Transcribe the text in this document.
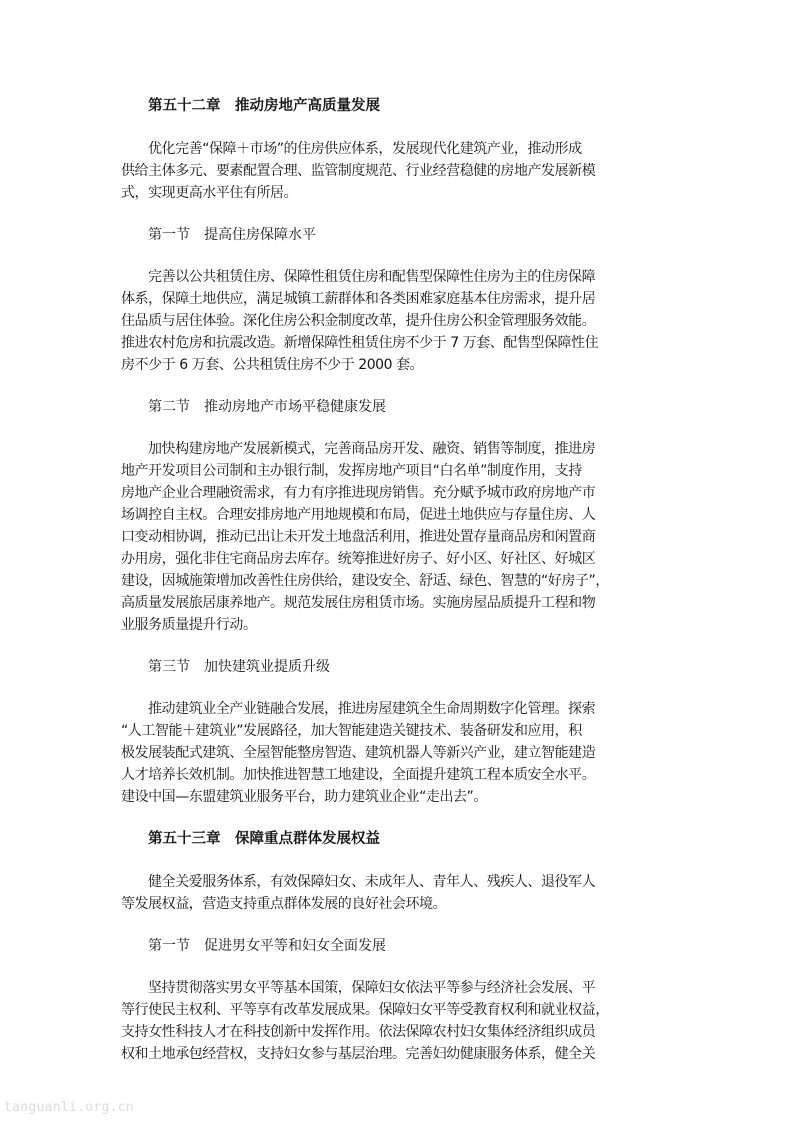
第五十二章　推动房地产高质量发展
优化完善“保障＋市场”的住房供应体系，发展现代化建筑产业，推动形成
供给主体多元、要素配置合理、监管制度规范、行业经营稳健的房地产发展新模
式，实现更高水平住有所居。
第一节　提高住房保障水平
完善以公共租赁住房、保障性租赁住房和配售型保障性住房为主的住房保障
体系，保障土地供应，满足城镇工薪群体和各类困难家庭基本住房需求，提升居
住品质与居住体验。深化住房公积金制度改革，提升住房公积金管理服务效能。
推进农村危房和抗震改造。新增保障性租赁住房不少于 7 万套、配售型保障性住
房不少于 6 万套、公共租赁住房不少于 2000 套。
第二节　推动房地产市场平稳健康发展
加快构建房地产发展新模式，完善商品房开发、融资、销售等制度，推进房
地产开发项目公司制和主办银行制，发挥房地产项目“白名单”制度作用，支持
房地产企业合理融资需求，有力有序推进现房销售。充分赋予城市政府房地产市
场调控自主权。合理安排房地产用地规模和布局，促进土地供应与存量住房、人
口变动相协调，推动已出让未开发土地盘活利用，推进处置存量商品房和闲置商
办用房，强化非住宅商品房去库存。统筹推进好房子、好小区、好社区、好城区
建设，因城施策增加改善性住房供给，建设安全、舒适、绿色、智慧的“好房子”，
高质量发展旅居康养地产。规范发展住房租赁市场。实施房屋品质提升工程和物
业服务质量提升行动。
第三节　加快建筑业提质升级
推动建筑业全产业链融合发展，推进房屋建筑全生命周期数字化管理。探索
“人工智能＋建筑业”发展路径，加大智能建造关键技术、装备研发和应用，积
极发展装配式建筑、全屋智能整房智造、建筑机器人等新兴产业，建立智能建造
人才培养长效机制。加快推进智慧工地建设，全面提升建筑工程本质安全水平。
建设中国—东盟建筑业服务平台，助力建筑业企业“走出去”。
第五十三章　保障重点群体发展权益
健全关爱服务体系，有效保障妇女、未成年人、青年人、残疾人、退役军人
等发展权益，营造支持重点群体发展的良好社会环境。
第一节　促进男女平等和妇女全面发展
坚持贯彻落实男女平等基本国策，保障妇女依法平等参与经济社会发展、平
等行使民主权利、平等享有改革发展成果。保障妇女平等受教育权利和就业权益，
支持女性科技人才在科技创新中发挥作用。依法保障农村妇女集体经济组织成员
权和土地承包经营权，支持妇女参与基层治理。完善妇幼健康服务体系，健全关
tanguanli.org.cn
